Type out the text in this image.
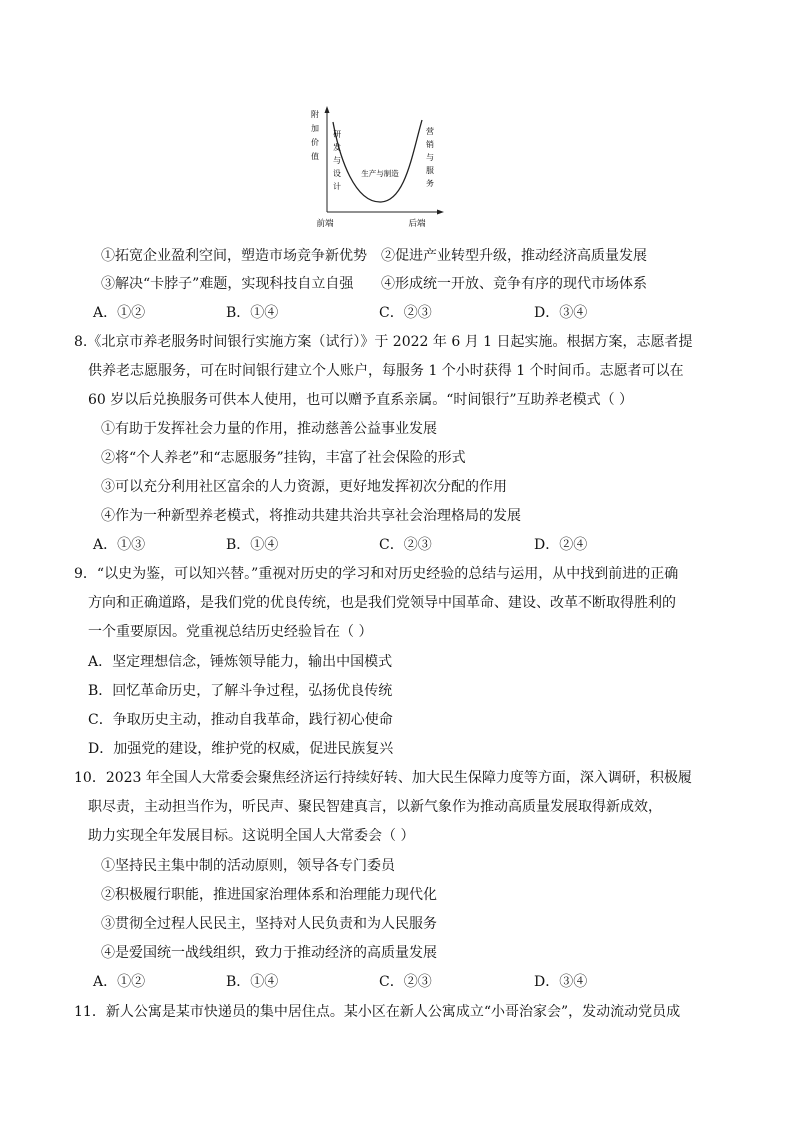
附
加
价
值
研
发
与
设
计
生产与制造
营
销
与
服
务
前端	后端
①拓宽企业盈利空间，塑造市场竞争新优势 ②促进产业转型升级，推动经济高质量发展
③解决“卡脖子”难题，实现科技自立自强 ④形成统一开放、竞争有序的现代市场体系
A．①②	B．①④	C．②③	D．③④
8.《北京市养老服务时间银行实施方案（试行）》于 2022 年 6 月 1 日起实施。根据方案，志愿者提
供养老志愿服务，可在时间银行建立个人账户，每服务 1 个小时获得 1 个时间币。志愿者可以在
60 岁以后兑换服务可供本人使用，也可以赠予直系亲属。“时间银行”互助养老模式（ ）
①有助于发挥社会力量的作用，推动慈善公益事业发展
②将“个人养老”和“志愿服务”挂钩，丰富了社会保险的形式
③可以充分利用社区富余的人力资源，更好地发挥初次分配的作用
④作为一种新型养老模式，将推动共建共治共享社会治理格局的发展
A．①③	B．①④	C．②③	D．②④
9．“以史为鉴，可以知兴替。”重视对历史的学习和对历史经验的总结与运用，从中找到前进的正确
方向和正确道路，是我们党的优良传统，也是我们党领导中国革命、建设、改革不断取得胜利的
一个重要原因。党重视总结历史经验旨在（ ）
A．坚定理想信念，锤炼领导能力，输出中国模式
B．回忆革命历史，了解斗争过程，弘扬优良传统
C．争取历史主动，推动自我革命，践行初心使命
D．加强党的建设，维护党的权威，促进民族复兴
10．2023 年全国人大常委会聚焦经济运行持续好转、加大民生保障力度等方面，深入调研，积极履
职尽责，主动担当作为，听民声、聚民智建真言，以新气象作为推动高质量发展取得新成效，
助力实现全年发展目标。这说明全国人大常委会（ ）
①坚持民主集中制的活动原则，领导各专门委员
②积极履行职能，推进国家治理体系和治理能力现代化
③贯彻全过程人民民主，坚持对人民负责和为人民服务
④是爱国统一战线组织，致力于推动经济的高质量发展
A．①②	B．①④	C．②③	D．③④
11．新人公寓是某市快递员的集中居住点。某小区在新人公寓成立“小哥治家会”，发动流动党员成
